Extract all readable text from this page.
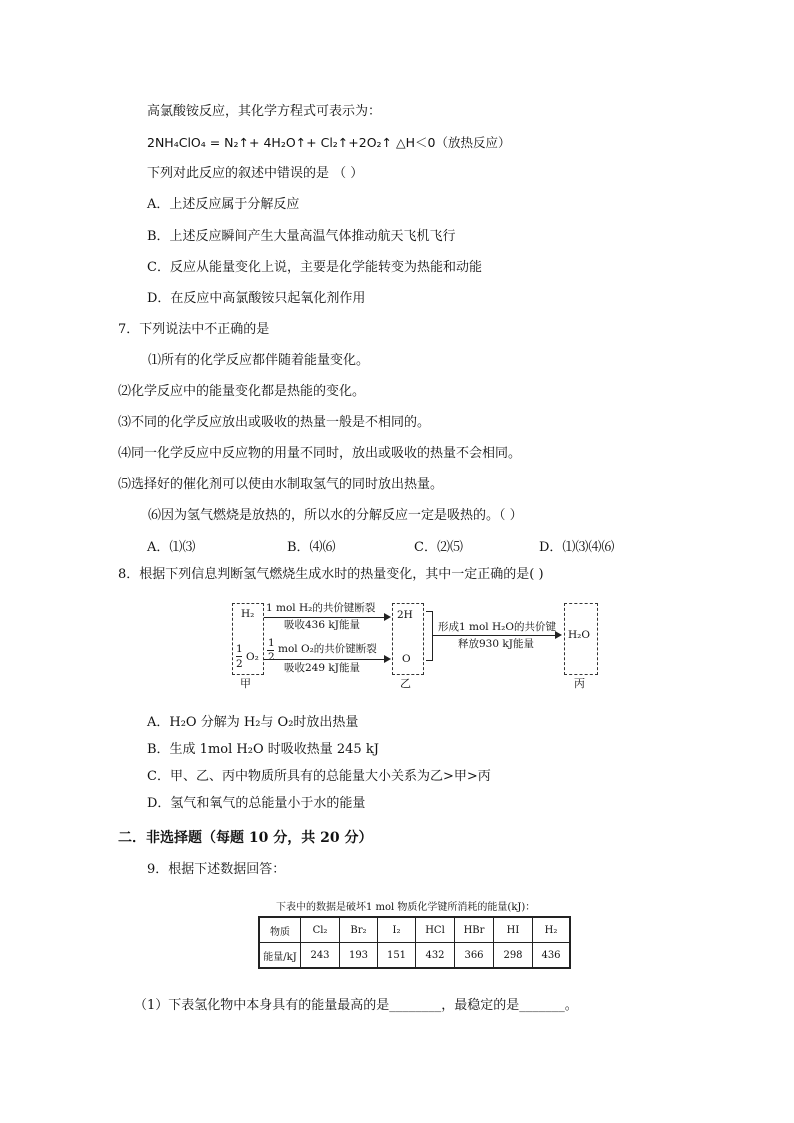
高氯酸铵反应，其化学方程式可表示为：
2NH₄ClO₄ = N₂↑+ 4H₂O↑+ Cl₂↑+2O₂↑ △H＜0（放热反应）
下列对此反应的叙述中错误的是 （ ）
A．上述反应属于分解反应
B．上述反应瞬间产生大量高温气体推动航天飞机飞行
C．反应从能量变化上说，主要是化学能转变为热能和动能
D．在反应中高氯酸铵只起氧化剂作用
7．下列说法中不正确的是
⑴所有的化学反应都伴随着能量变化。
⑵化学反应中的能量变化都是热能的变化。
⑶不同的化学反应放出或吸收的热量一般是不相同的。
⑷同一化学反应中反应物的用量不同时，放出或吸收的热量不会相同。
⑸选择好的催化剂可以使由水制取氢气的同时放出热量。
⑹因为氢气燃烧是放热的，所以水的分解反应一定是吸热的。（ ）
A．⑴⑶	B．⑷⑹	C．⑵⑸	D．⑴⑶⑷⑹
8．根据下列信息判断氢气燃烧生成水时的热量变化，其中一定正确的是( )
H₂
1
2
O₂
1 mol H₂的共价键断裂
吸收436 kJ能量
1
2
mol O₂的共价键断裂
吸收249 kJ能量
2H
O
形成1 mol H₂O的共价键
释放930 kJ能量
H₂O
甲	乙	丙
A．H₂O 分解为 H₂与 O₂时放出热量
B．生成 1mol H₂O 时吸收热量 245 kJ
C．甲、乙、丙中物质所具有的总能量大小关系为乙>甲>丙
D．氢气和氧气的总能量小于水的能量
二．非选择题（每题 10 分，共 20 分）
9．根据下述数据回答：
下表中的数据是破坏1 mol 物质化学键所消耗的能量(kJ)：
物质	Cl₂	Br₂	I₂	HCl	HBr	HI	H₂
能量/kJ	243	193	151	432	366	298	436
（1）下表氢化物中本身具有的能量最高的是________，最稳定的是_______。
